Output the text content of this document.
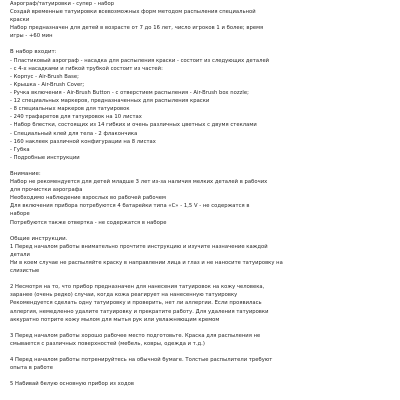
Аэрограф/татуировки - супер - набор

Создай временные татуировки всевозможных форм методом распыления специальной

краски

Набор предназначен для детей в возрасте от 7 до 16 лет, число игроков 1 и более; время

игры - +60 мин

В набор входит:

- Пластиковый аэрограф - насадка для распыления краски - состоит из следующих деталей
- с 4-х насадками и гибкой трубкой состоит из частей:
- Корпус - Air-Brush Base;
- Крышка - Air-Brush Cover;
- Ручка включения - Air-Brush Button - с отверстием распыления - Air-Brush box nozzle;
- 12 специальных маркеров, предназначенных для распыления краски
- 8 специальных маркеров для татуировок
- 240 трафаретов для татуировок на 10 листах
- Набор блестки, состоящих из 14 гибких и очень различных цветных с двумя стеклами
- Специальный клей для тела - 2 флакончика
- 160 наклеек различной конфигурации на 8 листах
- Губка
- Подробные инструкции

Внимание:

Набор не рекомендуется для детей младше 3 лет из-за наличия мелких деталей в рабочих

для прочистки аэрографа

Необходимо наблюдение взрослых во рабочей рабочем

Для включения прибора потребуются 4 батарейки типа «С» - 1,5 V - не содержатся в

наборе

Потребуются также отвертка - не содержатся в наборе

Общие инструкции.

1 Перед началом работы внимательно прочтите инструкцию и изучите назначение каждой

детали

Ни в коем случае не распыляйте краску в направлении лица и глаз и не наносите татуировку на

слизистые

2 Несмотря на то, что прибор предназначен для нанесения татуировок на кожу человека,

заранее (очень редко) случаи, когда кожа реагирует на нанесенную татуировку

Рекомендуется сделать одну татуировку и проверить, нет ли аллергии. Если проявилась

аллергия, немедленно удалите татуировку и прекратите работу. Для удаления татуировки

аккуратно потрите кожу мылом для мытья рук или увлажняющим кремом

3 Перед началом работы хорошо рабочее место подготовьте. Краска для распыления не

смывается с различных поверхностей (мебель, ковры, одежда и т.д.)

4 Перед началом работы потренируйтесь на обычной бумаге. Толстые распылители требуют

опыта в работе

5 Набивай белую основную прибор из ходов
